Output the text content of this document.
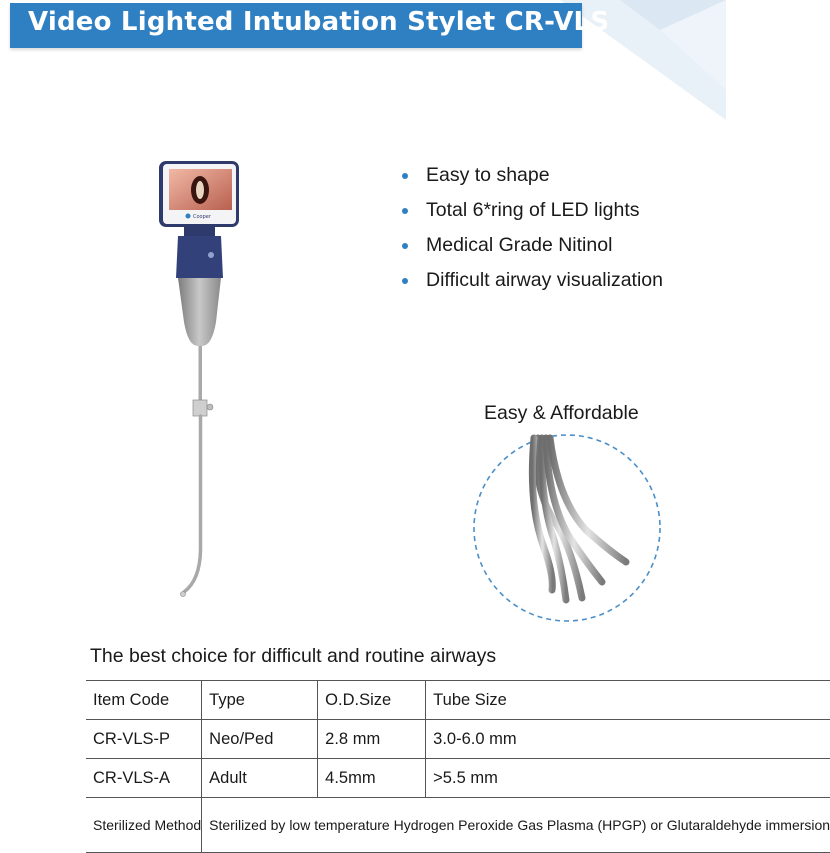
Video Lighted Intubation Stylet CR-VLS
Cooper
Easy to shape
Total 6*ring of LED lights
Medical Grade Nitinol
Difficult airway visualization
Easy & Affordable
The best choice for difficult and routine airways
Item Code	Type	O.D.Size	Tube Size
CR-VLS-P	Neo/Ped	2.8 mm	3.0-6.0 mm
CR-VLS-A	Adult	4.5mm	>5.5 mm
Sterilized Method	Sterilized by low temperature Hydrogen Peroxide Gas Plasma (HPGP) or Glutaraldehyde immersion		
